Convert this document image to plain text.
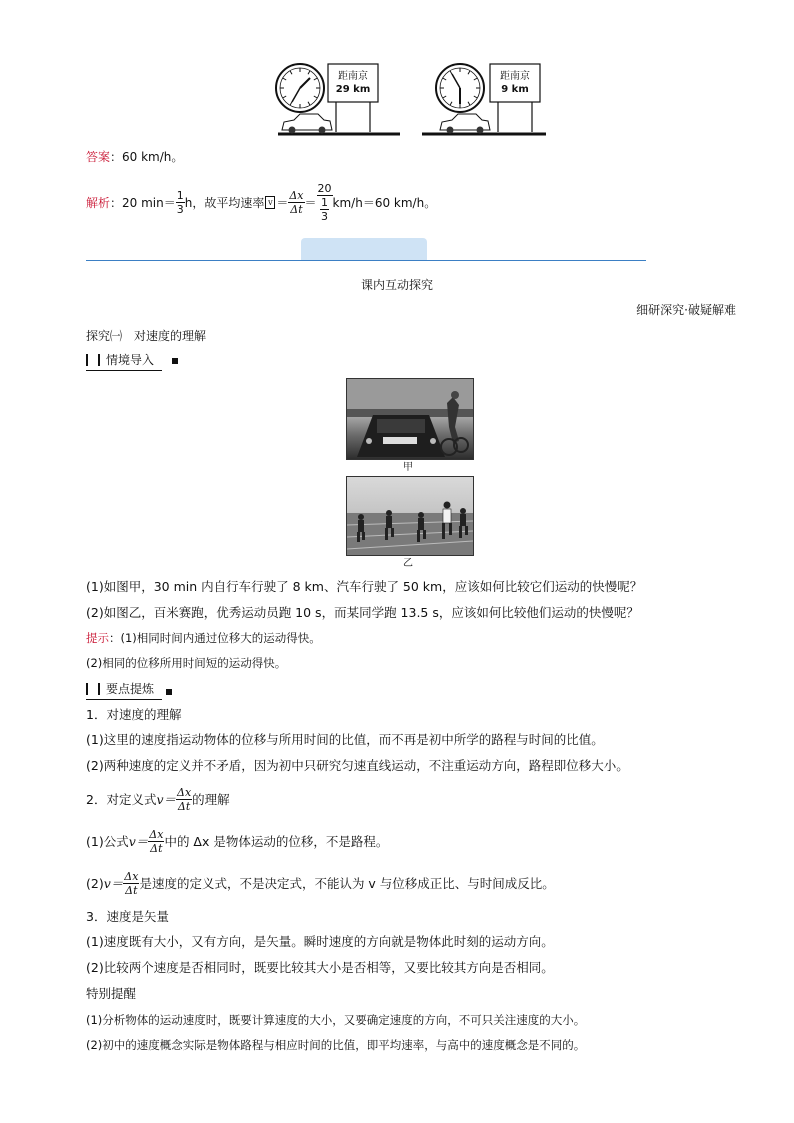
距南京
29 km
距南京
9 km
答案：60 km/h。
解析 ：20 $\min= \frac{1}{3}$ h，故平均速率 $v = \frac{\Delta x}{\Delta t} = \frac{20}{\frac{1}{3}} km/h=60$ km/h。
课内互动探究
细研深究·破疑解难
探究㈠　对速度的理解
情境导入
甲
乙
(1)如图甲，30 min 内自行车行驶了 8 km、汽车行驶了 50 km，应该如何比较它们运动的快慢呢？
(2)如图乙，百米赛跑，优秀运动员跑 10 s，而某同学跑 13.5 s，应该如何比较他们运动的快慢呢？
提示：(1)相同时间内通过位移大的运动得快。
(2)相同的位移所用时间短的运动得快。
要点提炼
1．对速度的理解
(1)这里的速度指运动物体的位移与所用时间的比值，而不再是初中所学的路程与时间的比值。
(2)两种速度的定义并不矛盾，因为初中只研究匀速直线运动，不注重运动方向，路程即位移大小。
2．对定义式 $v= \frac{\Delta x}{\Delta t}$ 的理解
(1)公式 $v= \frac{\Delta x}{\Delta t}$ 中的 Δx 是物体运动的位移，不是路程。
(2) $v= \frac{\Delta x}{\Delta t}$ 是速度的定义式，不是决定式，不能认为 v 与位移成正比、与时间成反比。
3．速度是矢量
(1)速度既有大小，又有方向，是矢量。瞬时速度的方向就是物体此时刻的运动方向。
(2)比较两个速度是否相同时，既要比较其大小是否相等，又要比较其方向是否相同。
特别提醒
(1)分析物体的运动速度时，既要计算速度的大小，又要确定速度的方向，不可只关注速度的大小。
(2)初中的速度概念实际是物体路程与相应时间的比值，即平均速率，与高中的速度概念是不同的。
